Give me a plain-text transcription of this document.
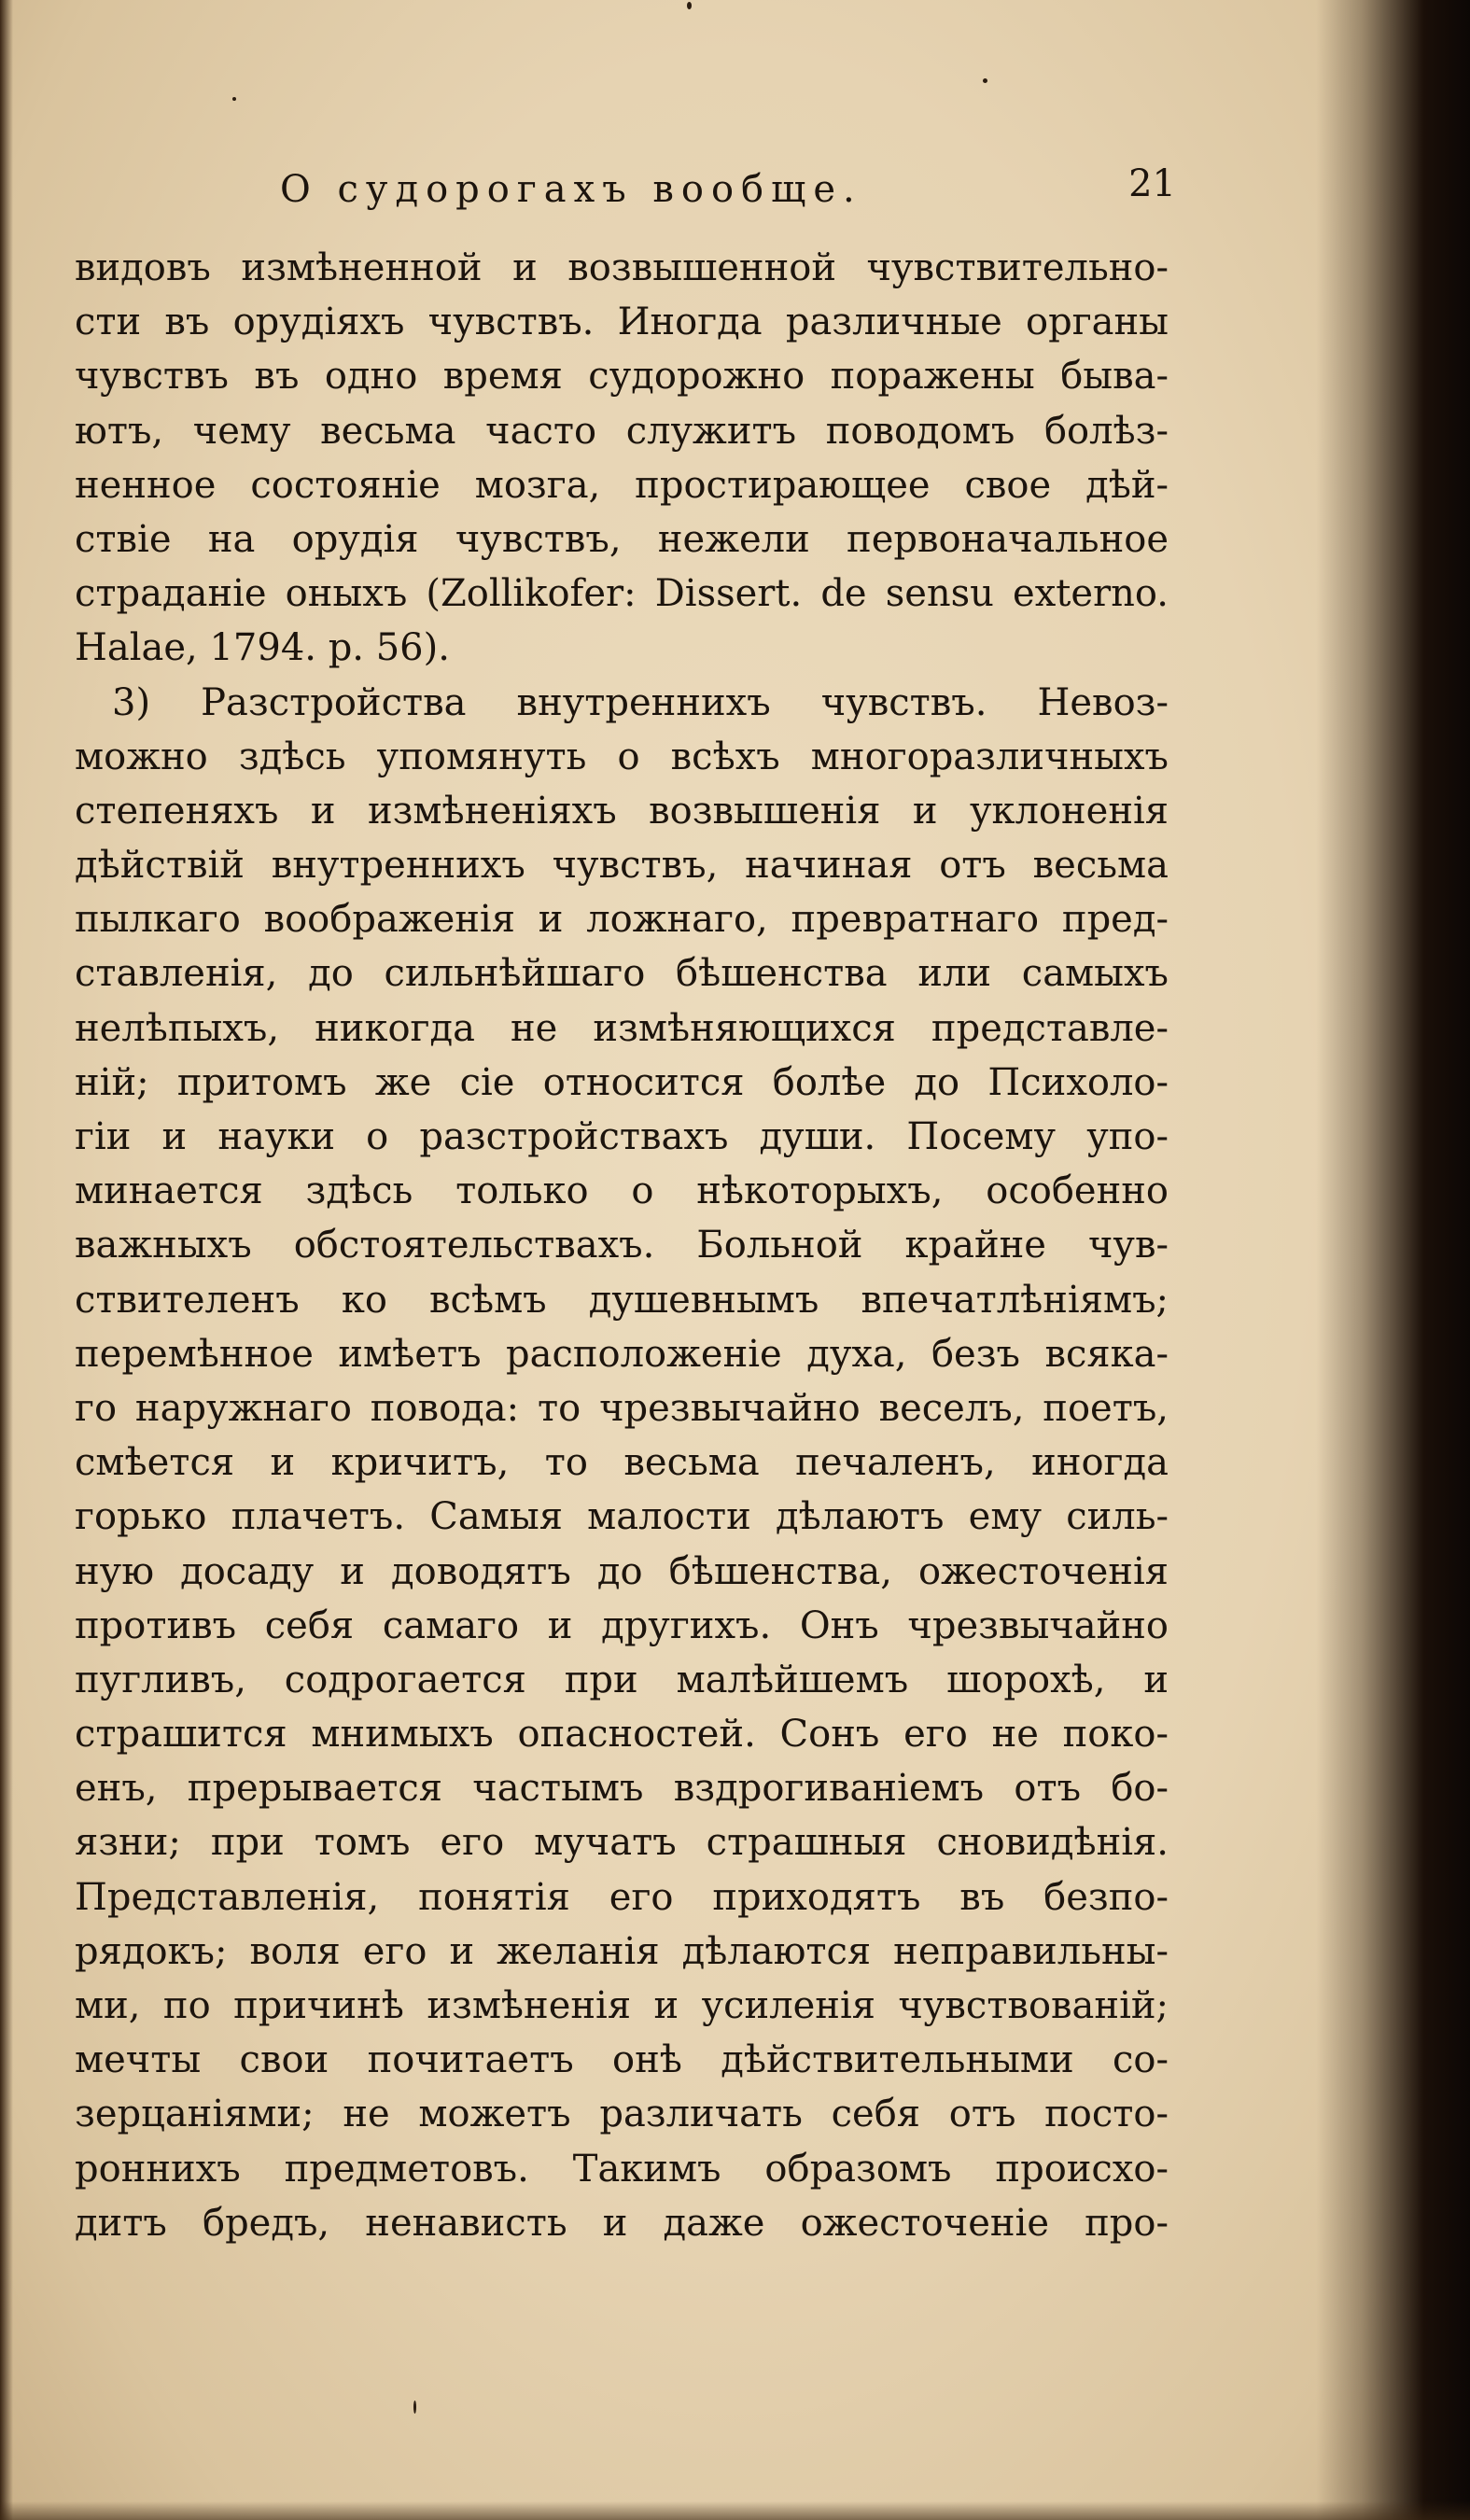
О судорогахъ вообще.	21
видовъ измѣненной и возвышенной чувствительно-
сти въ орудіяхъ чувствъ. Иногда различные органы
чувствъ въ одно время судорожно поражены быва-
ютъ, чему весьма часто служитъ поводомъ болѣз-
ненное состояніе мозга, простирающее свое дѣй-
ствіе на орудія чувствъ, нежели первоначальное
страданіе оныхъ (Zollikofer: Dissert. de sensu externo.
Halae, 1794. p. 56).
3) Разстройства внутреннихъ чувствъ. Невоз-
можно здѣсь упомянуть о всѣхъ многоразличныхъ
степеняхъ и измѣненіяхъ возвышенія и уклоненія
дѣйствій внутреннихъ чувствъ, начиная отъ весьма
пылкаго воображенія и ложнаго, превратнаго пред-
ставленія, до сильнѣйшаго бѣшенства или самыхъ
нелѣпыхъ, никогда не измѣняющихся представле-
ній; притомъ же сіе относится болѣе до Психоло-
гіи и науки о разстройствахъ души. Посему упо-
минается здѣсь только о нѣкоторыхъ, особенно
важныхъ обстоятельствахъ. Больной крайне чув-
ствителенъ ко всѣмъ душевнымъ впечатлѣніямъ;
перемѣнное имѣетъ расположеніе духа, безъ всяка-
го наружнаго повода: то чрезвычайно веселъ, поетъ,
смѣется и кричитъ, то весьма печаленъ, иногда
горько плачетъ. Самыя малости дѣлаютъ ему силь-
ную досаду и доводятъ до бѣшенства, ожесточенія
противъ себя самаго и другихъ. Онъ чрезвычайно
пугливъ, содрогается при малѣйшемъ шорохѣ, и
страшится мнимыхъ опасностей. Сонъ его не поко-
енъ, прерывается частымъ вздрогиваніемъ отъ бо-
язни; при томъ его мучатъ страшныя сновидѣнія.
Представленія, понятія его приходятъ въ безпо-
рядокъ; воля его и желанія дѣлаются неправильны-
ми, по причинѣ измѣненія и усиленія чувствованій;
мечты свои почитаетъ онѣ дѣйствительными со-
зерцаніями; не можетъ различать себя отъ посто-
роннихъ предметовъ. Такимъ образомъ происхо-
дитъ бредъ, ненависть и даже ожесточеніе про-
